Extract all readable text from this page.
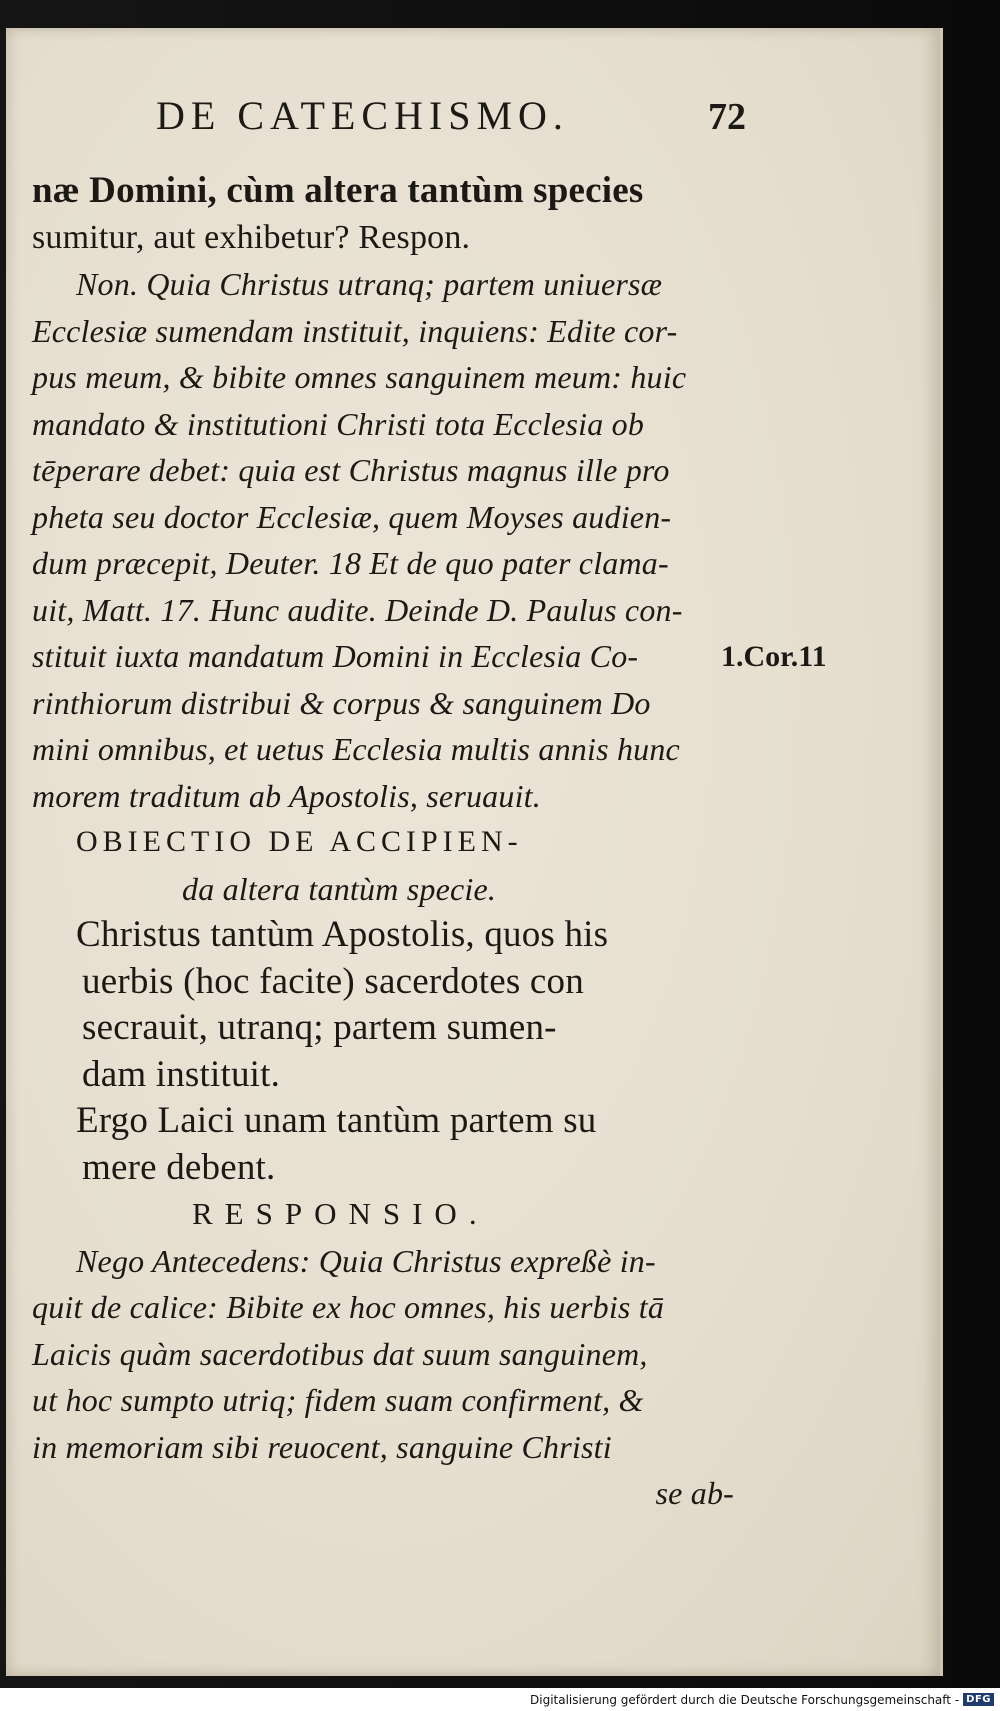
DE CATECHISMO.	72
næ Domini, cùm altera tantùm species
sumitur, aut exhibetur? Respon.
Non. Quia Christus utranq; partem uniuersæ
Ecclesiæ sumendam instituit, inquiens: Edite cor-
pus meum, & bibite omnes sanguinem meum: huic
mandato & institutioni Christi tota Ecclesia ob
tēperare debet: quia est Christus magnus ille pro
pheta seu doctor Ecclesiæ, quem Moyses audien-
dum præcepit, Deuter. 18 Et de quo pater clama-
uit, Matt. 17. Hunc audite. Deinde D. Paulus con-
stituit iuxta mandatum Domini in Ecclesia Co-
rinthiorum distribui & corpus & sanguinem Do
mini omnibus, et uetus Ecclesia multis annis hunc
morem traditum ab Apostolis, seruauit.
OBIECTIO DE ACCIPIEN-
da altera tantùm specie.
Christus tantùm Apostolis, quos his
uerbis (hoc facite) sacerdotes con
secrauit, utranq; partem sumen-
dam instituit.
Ergo Laici unam tantùm partem su
mere debent.
RESPONSIO.
Nego Antecedens: Quia Christus expreßè in-
quit de calice: Bibite ex hoc omnes, his uerbis tā
Laicis quàm sacerdotibus dat suum sanguinem,
ut hoc sumpto utriq; fidem suam confirment, &
in memoriam sibi reuocent, sanguine Christi
se ab-
1.Cor.11
Digitalisierung gefördert durch die Deutsche Forschungsgemeinschaft - DFG
